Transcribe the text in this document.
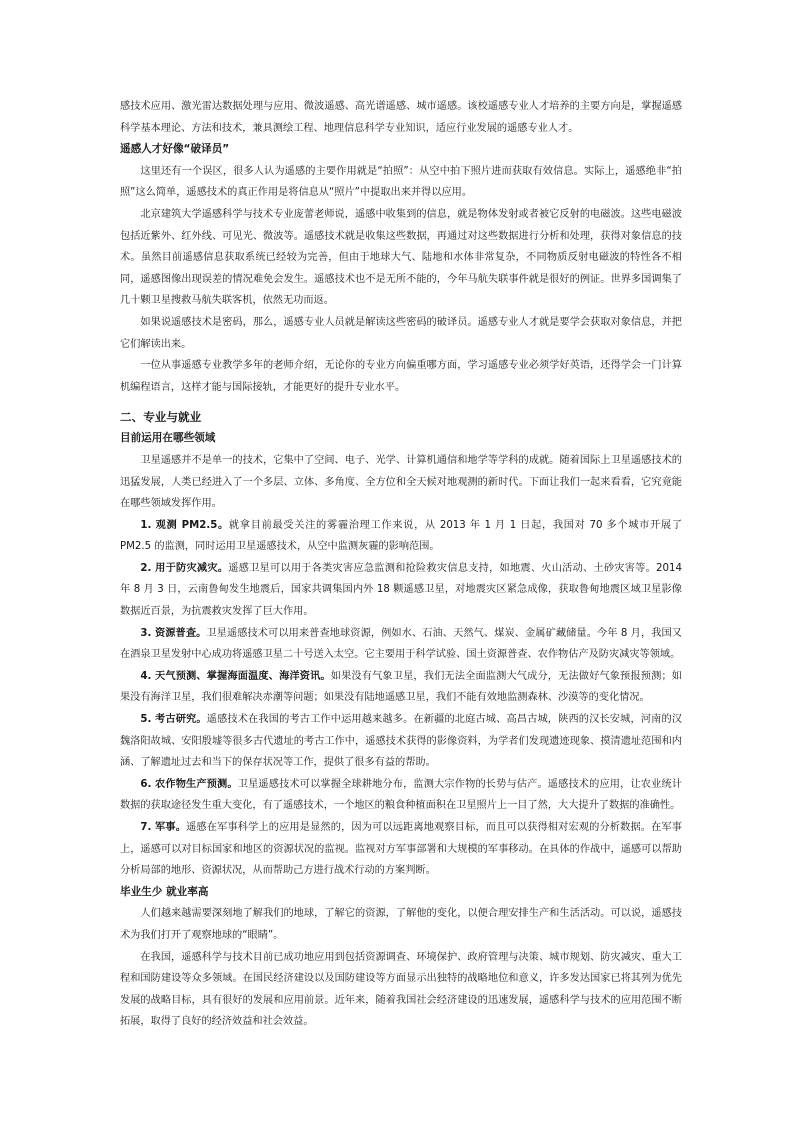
感技术应用、激光雷达数据处理与应用、微波遥感、高光谱遥感、城市遥感。该校遥感专业人才培养的主要方向是，掌握遥感科学基本理论、方法和技术，兼具测绘工程、地理信息科学专业知识，适应行业发展的遥感专业人才。

遥感人才好像“破译员”

这里还有一个误区，很多人认为遥感的主要作用就是“拍照”：从空中拍下照片进而获取有效信息。实际上，遥感绝非“拍照”这么简单，遥感技术的真正作用是将信息从“照片”中提取出来并得以应用。

北京建筑大学遥感科学与技术专业庞蕾老师说，遥感中收集到的信息，就是物体发射或者被它反射的电磁波。这些电磁波包括近紫外、红外线、可见光、微波等。遥感技术就是收集这些数据，再通过对这些数据进行分析和处理，获得对象信息的技术。虽然目前遥感信息获取系统已经较为完善，但由于地球大气、陆地和水体非常复杂，不同物质反射电磁波的特性各不相同，遥感图像出现误差的情况难免会发生。遥感技术也不是无所不能的，今年马航失联事件就是很好的例证。世界多国调集了几十颗卫星搜救马航失联客机，依然无功而返。

如果说遥感技术是密码，那么，遥感专业人员就是解读这些密码的破译员。遥感专业人才就是要学会获取对象信息，并把它们解读出来。

一位从事遥感专业教学多年的老师介绍，无论你的专业方向偏重哪方面，学习遥感专业必须学好英语，还得学会一门计算机编程语言，这样才能与国际接轨，才能更好的提升专业水平。

二、专业与就业
目前运用在哪些领域

卫星遥感并不是单一的技术，它集中了空间、电子、光学、计算机通信和地学等学科的成就。随着国际上卫星遥感技术的迅猛发展，人类已经进入了一个多层、立体、多角度、全方位和全天候对地观测的新时代。下面让我们一起来看看，它究竟能在哪些领域发挥作用。

1. 观测 PM2.5。就拿目前最受关注的雾霾治理工作来说，从 2013 年 1 月 1 日起，我国对 70 多个城市开展了 PM2.5 的监测，同时运用卫星遥感技术，从空中监测灰霾的影响范围。

2. 用于防灾减灾。遥感卫星可以用于各类灾害应急监测和抢险救灾信息支持，如地震、火山活动、土砂灾害等。2014 年 8 月 3 日，云南鲁甸发生地震后，国家共调集国内外 18 颗遥感卫星，对地震灾区紧急成像，获取鲁甸地震区域卫星影像数据近百景，为抗震救灾发挥了巨大作用。

3. 资源普查。卫星遥感技术可以用来普查地球资源，例如水、石油、天然气、煤炭、金属矿藏储量。今年 8 月，我国又在酒泉卫星发射中心成功将遥感卫星二十号送入太空。它主要用于科学试验、国土资源普查、农作物估产及防灾减灾等领域。

4. 天气预测、掌握海面温度、海洋资讯。如果没有气象卫星，我们无法全面监测大气成分，无法做好气象预报预测；如果没有海洋卫星，我们很难解决赤潮等问题；如果没有陆地遥感卫星，我们不能有效地监测森林、沙漠等的变化情况。

5. 考古研究。遥感技术在我国的考古工作中运用越来越多。在新疆的北庭古城、高昌古城，陕西的汉长安城，河南的汉魏洛阳故城、安阳殷墟等很多古代遗址的考古工作中，遥感技术获得的影像资料，为学者们发现遗迹现象、摸清遗址范围和内涵、了解遗址过去和当下的保存状况等工作，提供了很多有益的帮助。

6. 农作物生产预测。卫星遥感技术可以掌握全球耕地分布，监测大宗作物的长势与估产。遥感技术的应用，让农业统计数据的获取途径发生重大变化，有了遥感技术，一个地区的粮食种植面积在卫星照片上一目了然，大大提升了数据的准确性。

7. 军事。遥感在军事科学上的应用是显然的，因为可以远距离地观察目标，而且可以获得相对宏观的分析数据。在军事上，遥感可以对目标国家和地区的资源状况的监视。监视对方军事部署和大规模的军事移动。在具体的作战中，遥感可以帮助分析局部的地形、资源状况，从而帮助己方进行战术行动的方案判断。

毕业生少 就业率高

人们越来越需要深刻地了解我们的地球，了解它的资源，了解他的变化，以便合理安排生产和生活活动。可以说，遥感技术为我们打开了观察地球的“眼睛”。

在我国，遥感科学与技术目前已成功地应用到包括资源调查、环境保护、政府管理与决策、城市规划、防灾减灾、重大工程和国防建设等众多领域。在国民经济建设以及国防建设等方面显示出独特的战略地位和意义，许多发达国家已将其列为优先发展的战略目标，具有很好的发展和应用前景。近年来，随着我国社会经济建设的迅速发展，遥感科学与技术的应用范围不断拓展，取得了良好的经济效益和社会效益。
